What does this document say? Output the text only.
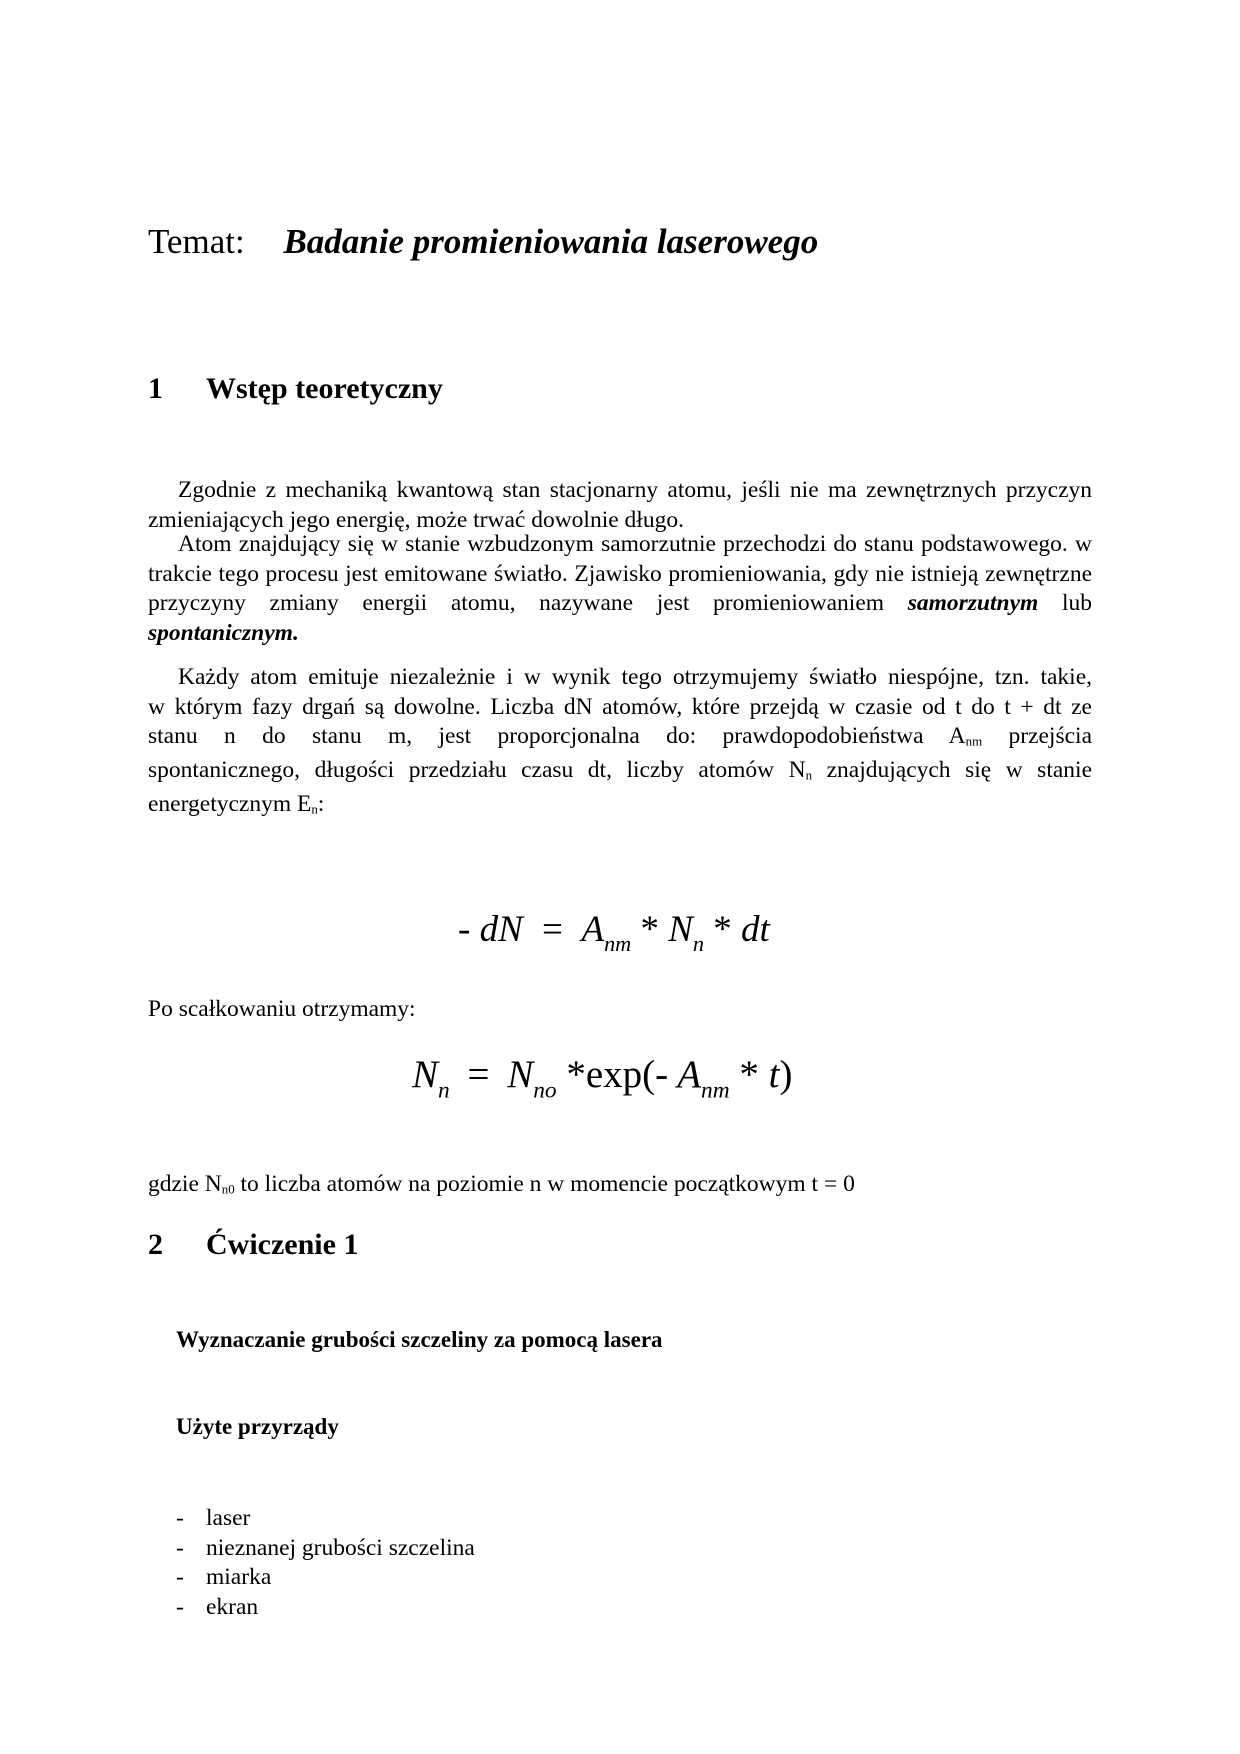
Temat: Badanie promieniowania laserowego
1 Wstęp teoretyczny
Zgodnie z mechaniką kwantową stan stacjonarny atomu, jeśli nie ma zewnętrznych przyczyn zmieniających jego energię, może trwać dowolnie długo.
Atom znajdujący się w stanie wzbudzonym samorzutnie przechodzi do stanu podstawowego. w trakcie tego procesu jest emitowane światło. Zjawisko promieniowania, gdy nie istnieją zewnętrzne przyczyny zmiany energii atomu, nazywane jest promieniowaniem samorzutnym lub spontanicznym.
Każdy atom emituje niezależnie i w wynik tego otrzymujemy światło niespójne, tzn. takie,
w którym fazy drgań są dowolne. Liczba dN atomów, które przejdą w czasie od t do t + dt ze
stanu n do stanu m, jest proporcjonalna do: prawdopodobieństwa $A_{nm}$ przejścia
spontanicznego, długości przedziału czasu dt, liczby atomów $N_n$ znajdujących się w stanie
energetycznym $E_n$:
- dN = $A_{nm} * N_n$ * dt
Po scałkowaniu otrzymamy:
$N_n = N_{no}$ *exp(- $A_{nm} * t$)
gdzie $N_{n0}$ to liczba atomów na poziomie n w momencie początkowym t = 0
2 Ćwiczenie 1
Wyznaczanie grubości szczeliny za pomocą lasera
Użyte przyrządy
- laser
- nieznanej grubości szczelina
- miarka
- ekran
